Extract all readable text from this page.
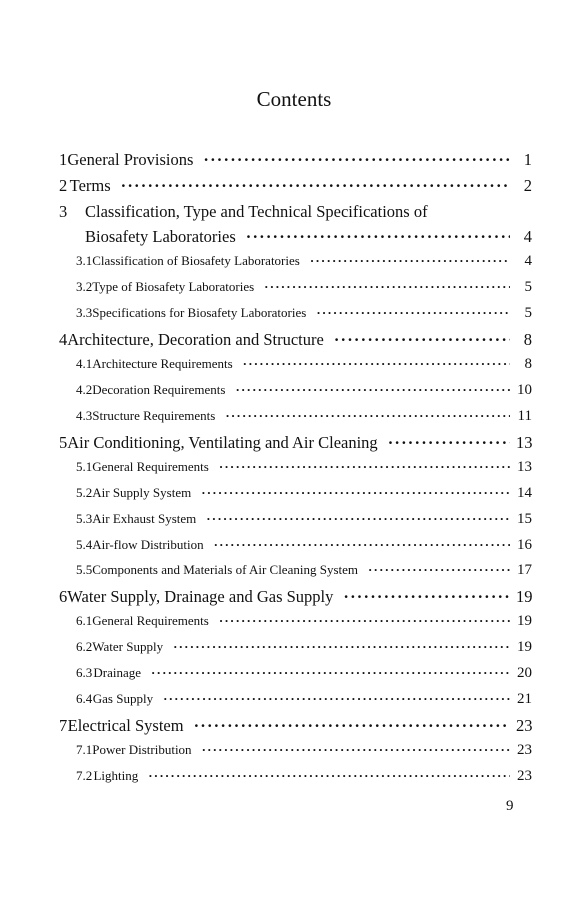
Contents
1 General Provisions ·····	1
2 Terms ·····	2
3	Classification, Type and Technical Specifications of
Biosafety Laboratories ·····	4
3.1 Classification of Biosafety Laboratories ·····	4
3.2 Type of Biosafety Laboratories ·····	5
3.3 Specifications for Biosafety Laboratories ·····	5
4 Architecture, Decoration and Structure ·····	8
4.1 Architecture Requirements ·····	8
4.2 Decoration Requirements ·····	10
4.3 Structure Requirements ·····	11
5 Air Conditioning, Ventilating and Air Cleaning ·····	13
5.1 General Requirements ·····	13
5.2 Air Supply System ·····	14
5.3 Air Exhaust System ·····	15
5.4 Air-flow Distribution ·····	16
5.5 Components and Materials of Air Cleaning System ·····	17
6 Water Supply, Drainage and Gas Supply ·····	19
6.1 General Requirements ·····	19
6.2 Water Supply ·····	19
6.3 Drainage ·····	20
6.4 Gas Supply ·····	21
7 Electrical System ·····	23
7.1 Power Distribution ·····	23
7.2 Lighting ·····	23
9
